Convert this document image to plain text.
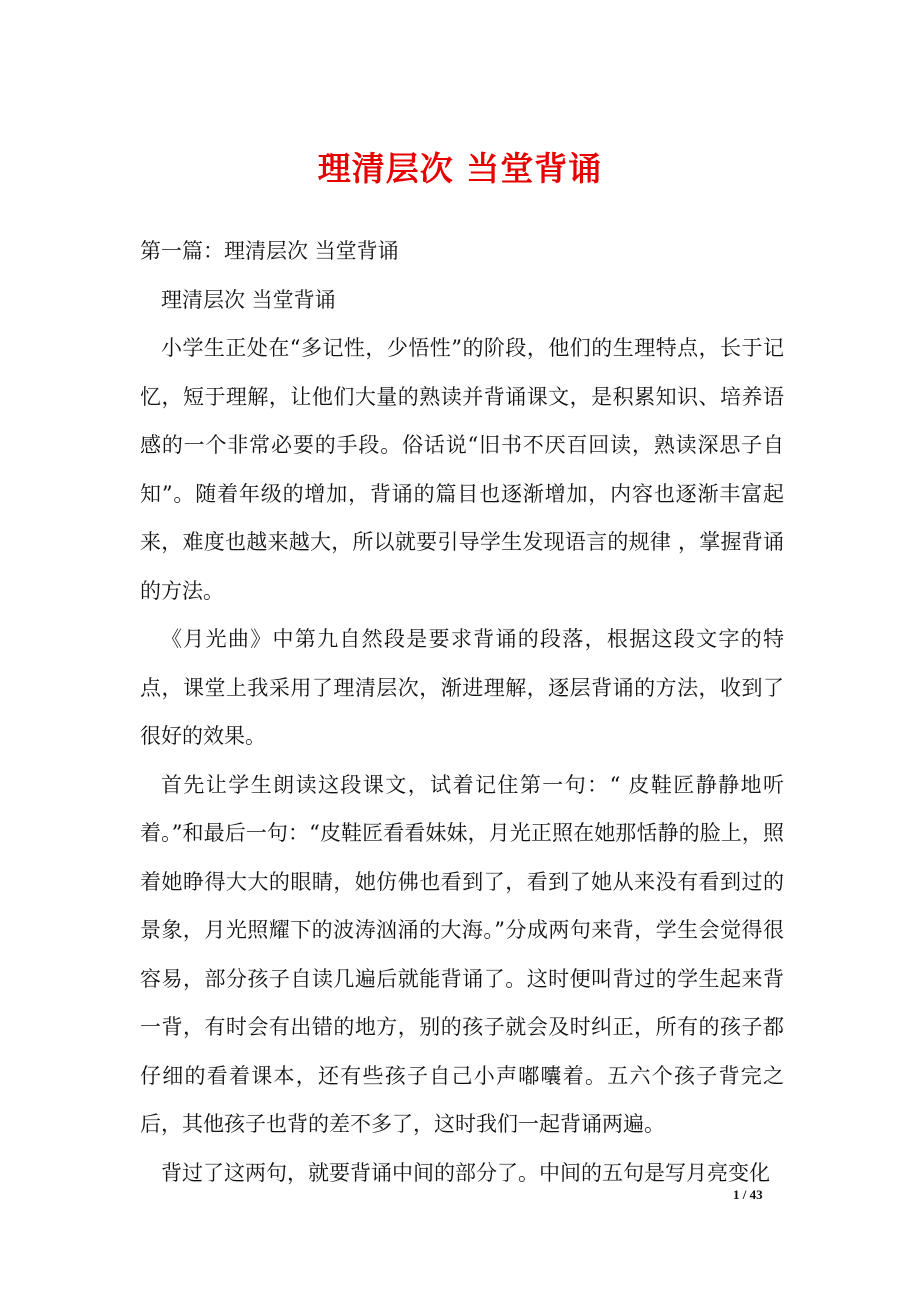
理清层次 当堂背诵

第一篇：理清层次 当堂背诵

理清层次 当堂背诵

小学生正处在“多记性，少悟性”的阶段，他们的生理特点，长于记忆，短于理解，让他们大量的熟读并背诵课文，是积累知识、培养语感的一个非常必要的手段。俗话说“旧书不厌百回读，熟读深思子自知”。随着年级的增加，背诵的篇目也逐渐增加，内容也逐渐丰富起来，难度也越来越大，所以就要引导学生发现语言的规律 ，掌握背诵的方法。

《月光曲》中第九自然段是要求背诵的段落，根据这段文字的特点，课堂上我采用了理清层次，渐进理解，逐层背诵的方法，收到了很好的效果。

首先让学生朗读这段课文，试着记住第一句：“ 皮鞋匠静静地听着。”和最后一句：“皮鞋匠看看妹妹，月光正照在她那恬静的脸上，照着她睁得大大的眼睛，她仿佛也看到了，看到了她从来没有看到过的景象，月光照耀下的波涛汹涌的大海。”分成两句来背，学生会觉得很容易，部分孩子自读几遍后就能背诵了。这时便叫背过的学生起来背一背，有时会有出错的地方，别的孩子就会及时纠正，所有的孩子都仔细的看着课本，还有些孩子自己小声嘟囔着。五六个孩子背完之后，其他孩子也背的差不多了，这时我们一起背诵两遍。

背过了这两句，就要背诵中间的部分了。中间的五句是写月亮变化

1 / 43
